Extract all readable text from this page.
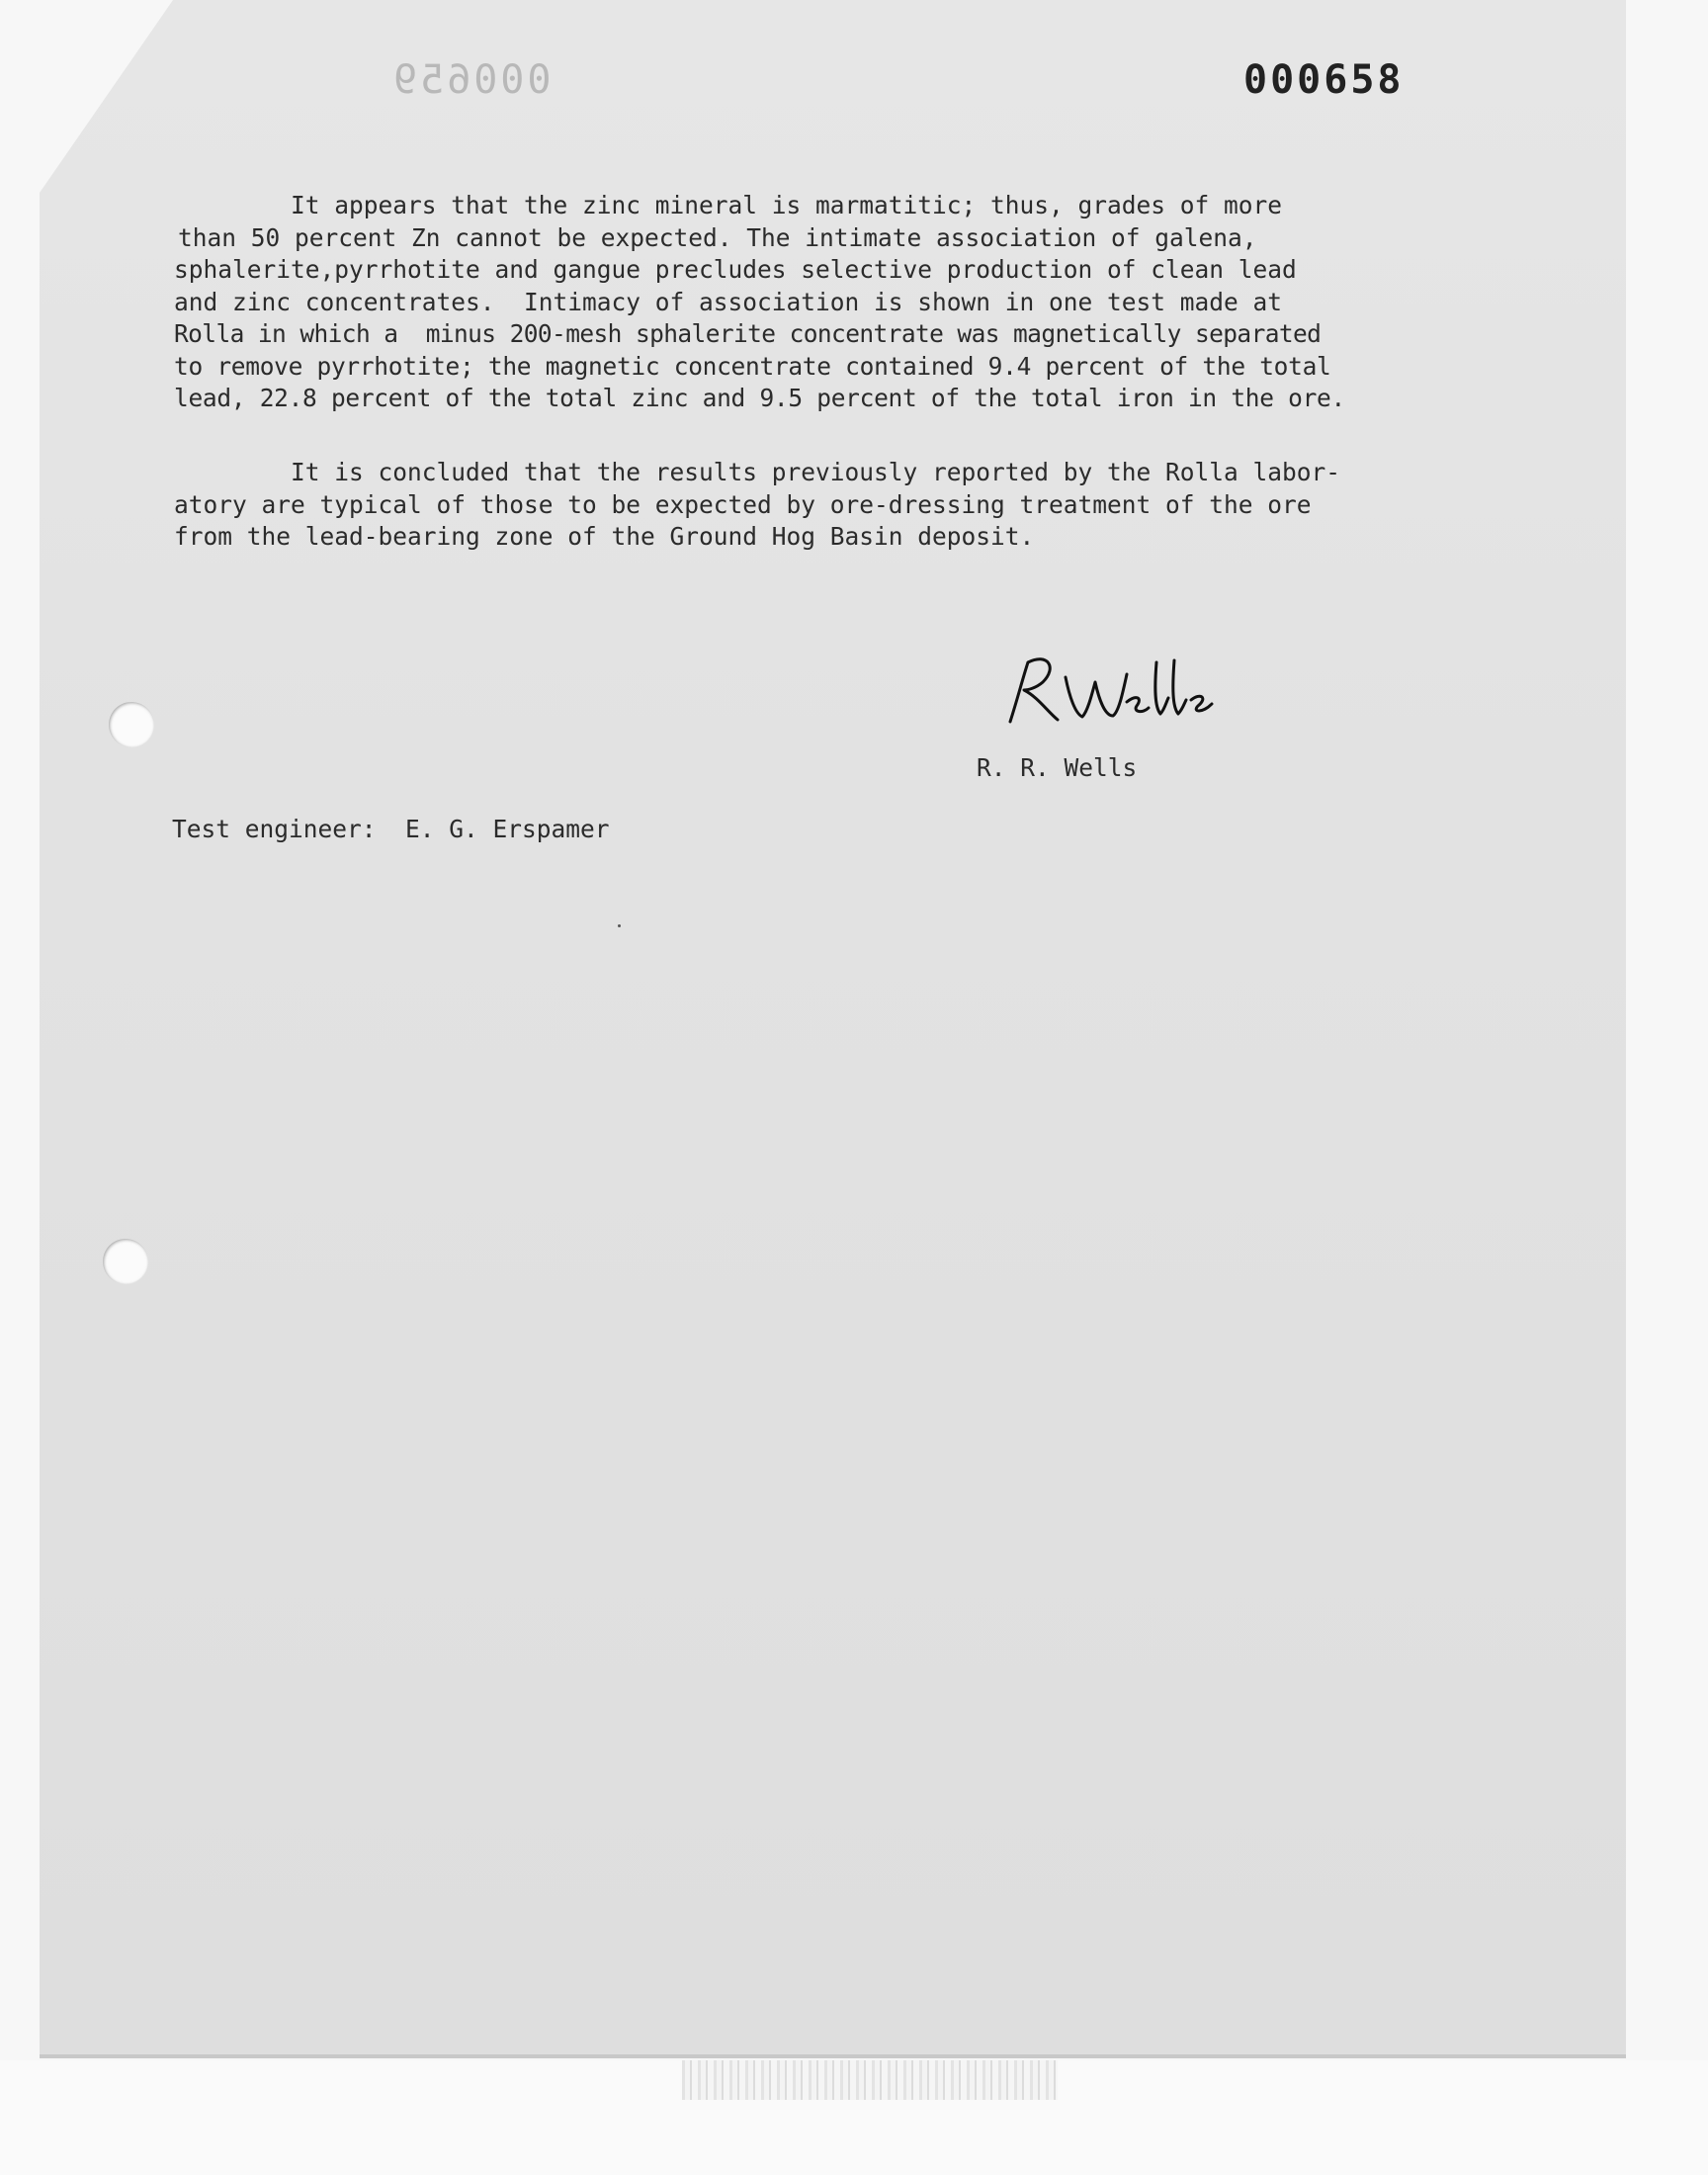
000659	000658
It appears that the zinc mineral is marmatitic; thus, grades of more
than 50 percent Zn cannot be expected. The intimate association of galena,
sphalerite,pyrrhotite and gangue precludes selective production of clean lead
and zinc concentrates.  Intimacy of association is shown in one test made at
Rolla in which a  minus 200-mesh sphalerite concentrate was magnetically separated
to remove pyrrhotite; the magnetic concentrate contained 9.4 percent of the total
lead, 22.8 percent of the total zinc and 9.5 percent of the total iron in the ore.
It is concluded that the results previously reported by the Rolla labor-
atory are typical of those to be expected by ore-dressing treatment of the ore
from the lead-bearing zone of the Ground Hog Basin deposit.
R. R. Wells
Test engineer:  E. G. Erspamer
